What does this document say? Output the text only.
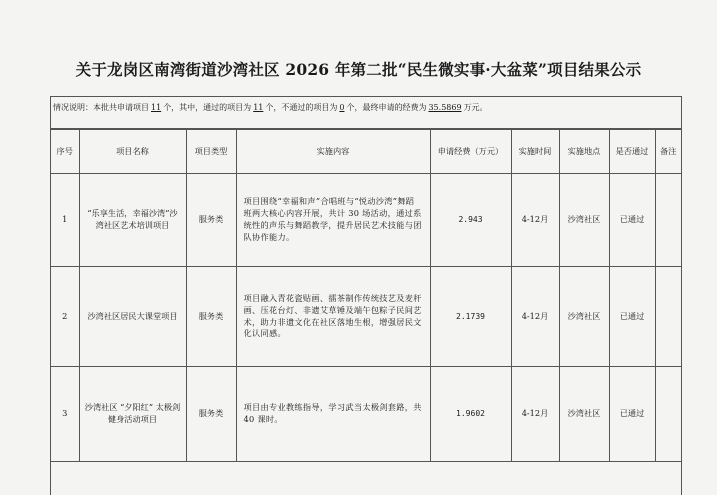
关于龙岗区南湾街道沙湾社区 2026 年第二批“民生微实事·大盆菜”项目结果公示
情况说明：本批共申请项目 11 个，其中，通过的项目为 11 个，不通过的项目为 0 个，最终申请的经费为 35.5869 万元。
序号	项目名称	项目类型	实施内容	申请经费（万元）	实施时间	实施地点	是否通过	备注
1	“乐享生活，幸福沙湾”沙湾社区艺术培训项目	服务类	项目围绕“幸福和声”合唱班与“悦动沙湾”舞蹈班两大核心内容开展，共计 30 场活动，通过系统性的声乐与舞蹈教学，提升居民艺术技能与团队协作能力。	2.943	4-12月	沙湾社区	已通过	
2	沙湾社区居民大课堂项目	服务类	项目融入青花瓷贴画、擂茶制作传统技艺及麦秆画、压花台灯、非遗艾草锤及端午包粽子民间艺术，助力非遗文化在社区落地生根，增强居民文化认同感。	2.1739	4-12月	沙湾社区	已通过	
3	沙湾社区 “夕阳红” 太极剑健身活动项目	服务类	项目由专业教练指导，学习武当太极剑套路，共 40 课时。	1.9602	4-12月	沙湾社区	已通过	
